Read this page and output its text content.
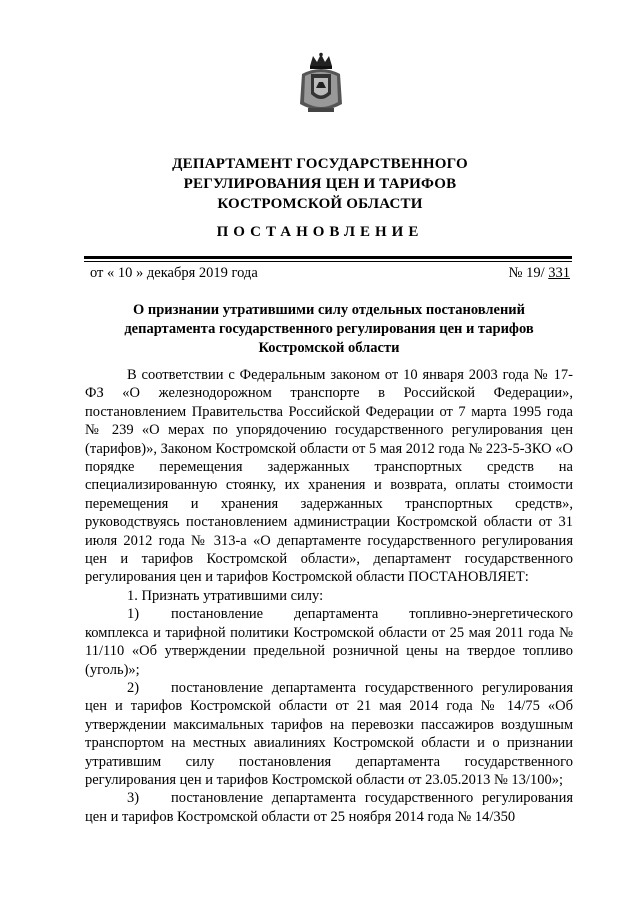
ДЕПАРТАМЕНТ ГОСУДАРСТВЕННОГО
РЕГУЛИРОВАНИЯ ЦЕН И ТАРИФОВ
КОСТРОМСКОЙ ОБЛАСТИ
ПОСТАНОВЛЕНИЕ
от « 10 » декабря 2019 года	№ 19/ 331
О признании утратившими силу отдельных постановлений
департамента государственного регулирования цен и тарифов
Костромской области

В соответствии с Федеральным законом от 10 января 2003 года № 17-ФЗ «О железнодорожном транспорте в Российской Федерации», постановлением Правительства Российской Федерации от 7 марта 1995 года № 239 «О мерах по упорядочению государственного регулирования цен (тарифов)», Законом Костромской области от 5 мая 2012 года № 223-5-ЗКО «О порядке перемещения задержанных транспортных средств на специализированную стоянку, их хранения и возврата, оплаты стоимости перемещения и хранения задержанных транспортных средств», руководствуясь постановлением администрации Костромской области от 31 июля 2012 года № 313-а «О департаменте государственного регулирования цен и тарифов Костромской области», департамент государственного регулирования цен и тарифов Костромской области ПОСТАНОВЛЯЕТ:

1. Признать утратившими силу:

1) постановление департамента топливно-энергетического комплекса и тарифной политики Костромской области от 25 мая 2011 года № 11/110 «Об утверждении предельной розничной цены на твердое топливо (уголь)»;

2) постановление департамента государственного регулирования цен и тарифов Костромской области от 21 мая 2014 года № 14/75 «Об утверждении максимальных тарифов на перевозки пассажиров воздушным транспортом на местных авиалиниях Костромской области и о признании утратившим силу постановления департамента государственного регулирования цен и тарифов Костромской области от 23.05.2013 № 13/100»;

3) постановление департамента государственного регулирования цен и тарифов Костромской области от 25 ноября 2014 года № 14/350
